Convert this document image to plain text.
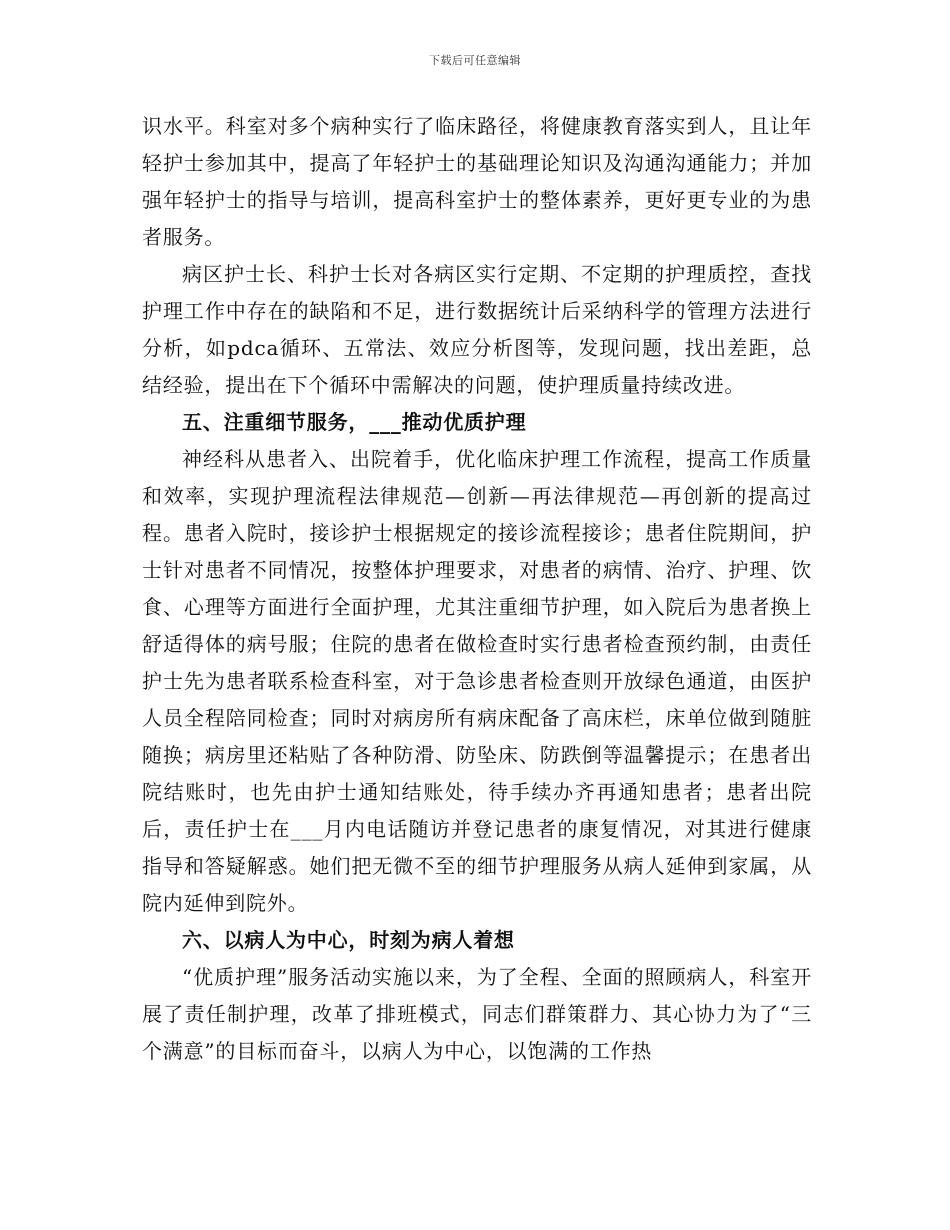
下载后可任意编辑

识水平。科室对多个病种实行了临床路径，将健康教育落实到人，且让年轻护士参加其中，提高了年轻护士的基础理论知识及沟通沟通能力；并加强年轻护士的指导与培训，提高科室护士的整体素养，更好更专业的为患者服务。

病区护士长、科护士长对各病区实行定期、不定期的护理质控，查找护理工作中存在的缺陷和不足，进行数据统计后采纳科学的管理方法进行分析，如pdca循环、五常法、效应分析图等，发现问题，找出差距，总结经验，提出在下个循环中需解决的问题，使护理质量持续改进。

五、注重细节服务，___推动优质护理

神经科从患者入、出院着手，优化临床护理工作流程，提高工作质量和效率，实现护理流程法律规范—创新—再法律规范—再创新的提高过程。患者入院时，接诊护士根据规定的接诊流程接诊；患者住院期间，护士针对患者不同情况，按整体护理要求，对患者的病情、治疗、护理、饮食、心理等方面进行全面护理，尤其注重细节护理，如入院后为患者换上舒适得体的病号服；住院的患者在做检查时实行患者检查预约制，由责任护士先为患者联系检查科室，对于急诊患者检查则开放绿色通道，由医护人员全程陪同检查；同时对病房所有病床配备了高床栏，床单位做到随脏随换；病房里还粘贴了各种防滑、防坠床、防跌倒等温馨提示；在患者出院结账时，也先由护士通知结账处，待手续办齐再通知患者；患者出院后，责任护士在___月内电话随访并登记患者的康复情况，对其进行健康指导和答疑解惑。她们把无微不至的细节护理服务从病人延伸到家属，从院内延伸到院外。

六、以病人为中心，时刻为病人着想

“优质护理”服务活动实施以来，为了全程、全面的照顾病人，科室开展了责任制护理，改革了排班模式，同志们群策群力、其心协力为了“三个满意”的目标而奋斗，以病人为中心，以饱满的工作热
